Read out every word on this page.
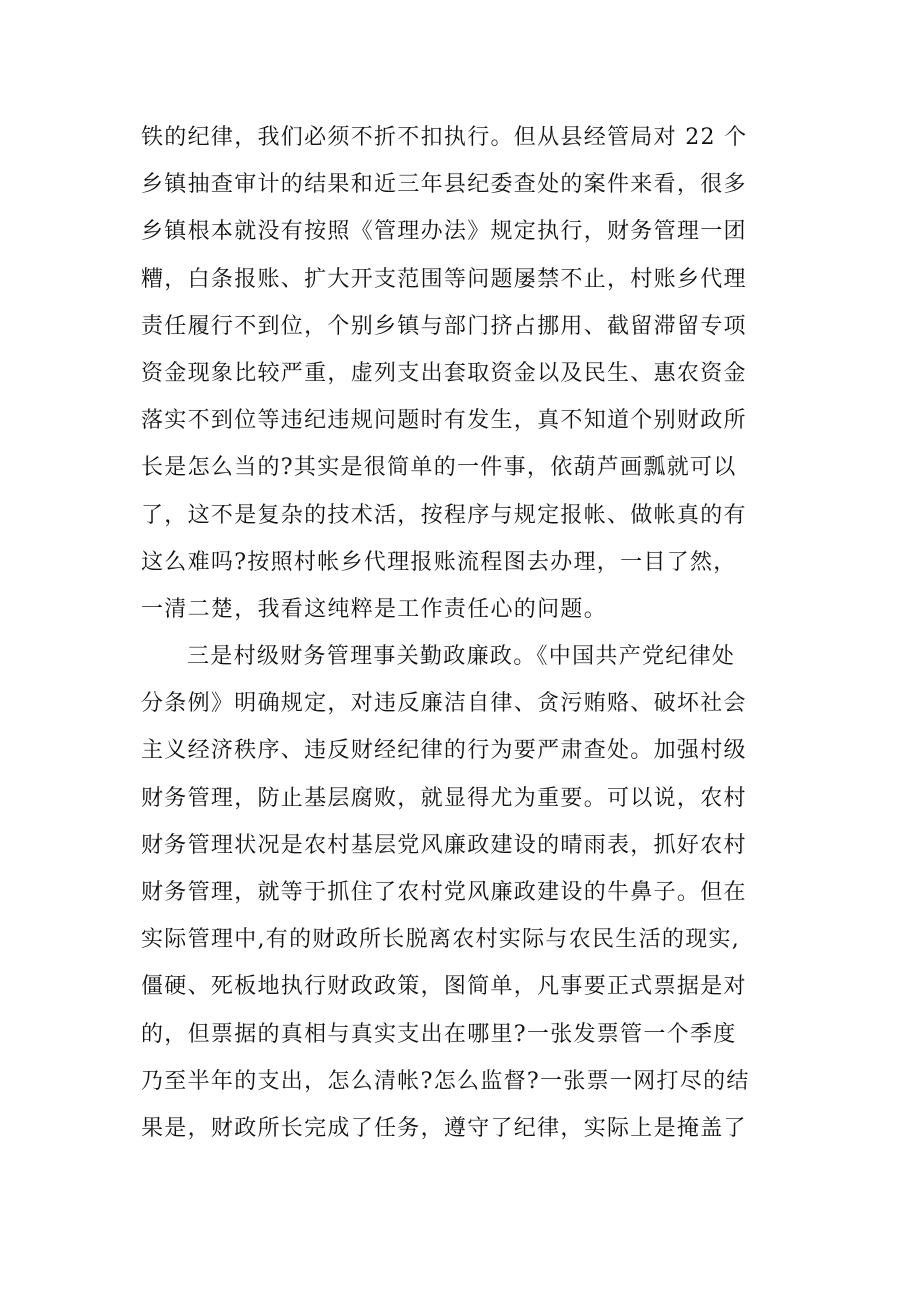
铁的纪律，我们必须不折不扣执行。但从县经管局对 22 个
乡镇抽查审计的结果和近三年县纪委查处的案件来看，很多
乡镇根本就没有按照《管理办法》规定执行，财务管理一团
糟，白条报账、扩大开支范围等问题屡禁不止，村账乡代理
责任履行不到位，个别乡镇与部门挤占挪用、截留滞留专项
资金现象比较严重，虚列支出套取资金以及民生、惠农资金
落实不到位等违纪违规问题时有发生，真不知道个别财政所
长是怎么当的?其实是很简单的一件事，依葫芦画瓢就可以
了，这不是复杂的技术活，按程序与规定报帐、做帐真的有
这么难吗?按照村帐乡代理报账流程图去办理，一目了然，
一清二楚，我看这纯粹是工作责任心的问题。
三是村级财务管理事关勤政廉政。《中国共产党纪律处
分条例》明确规定，对违反廉洁自律、贪污贿赂、破坏社会
主义经济秩序、违反财经纪律的行为要严肃查处。加强村级
财务管理，防止基层腐败，就显得尤为重要。可以说，农村
财务管理状况是农村基层党风廉政建设的晴雨表，抓好农村
财务管理，就等于抓住了农村党风廉政建设的牛鼻子。但在
实际管理中,有的财政所长脱离农村实际与农民生活的现实,
僵硬、死板地执行财政政策，图简单，凡事要正式票据是对
的，但票据的真相与真实支出在哪里?一张发票管一个季度
乃至半年的支出，怎么清帐?怎么监督?一张票一网打尽的结
果是，财政所长完成了任务，遵守了纪律，实际上是掩盖了
